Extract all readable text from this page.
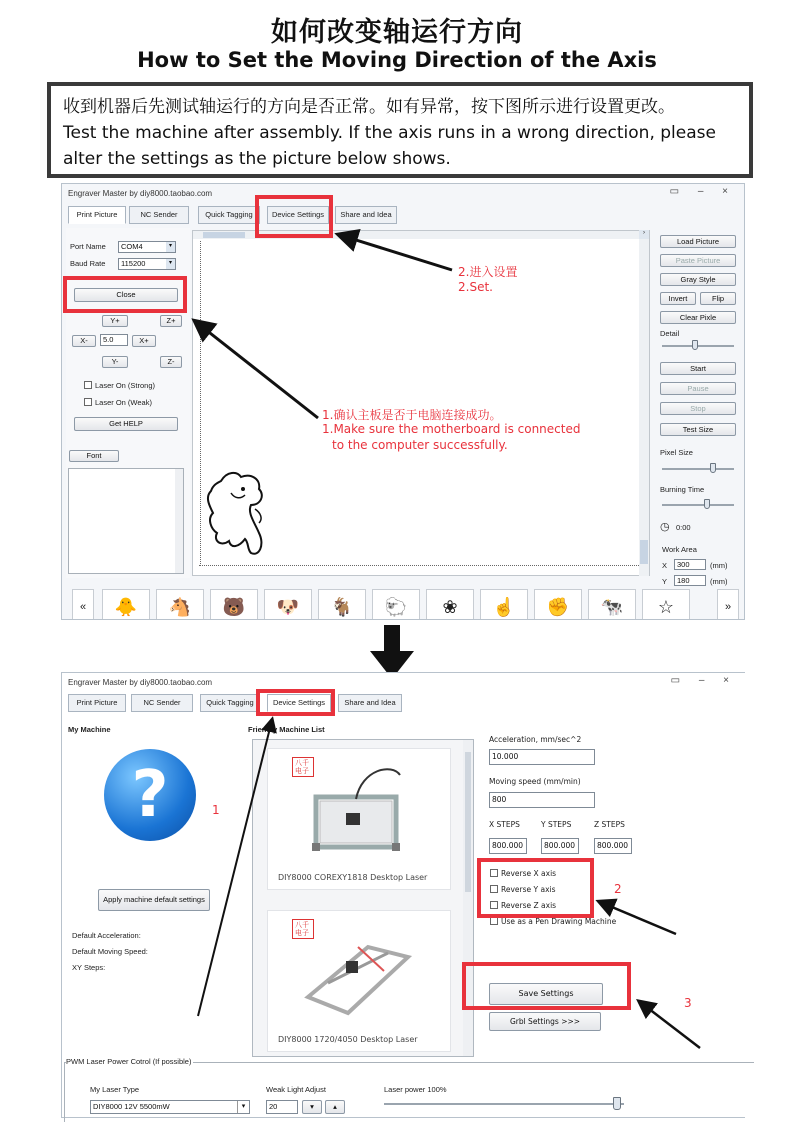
如何改变轴运行方向
How to Set the Moving Direction of the Axis
收到机器后先测试轴运行的方向是否正常。如有异常，按下图所示进行设置更改。
Test the machine after assembly. If the axis runs in a wrong direction, please alter the settings as the picture below shows.
Engraver Master by diy8000.taobao.com	▭ – ×
Print Picture	NC Sender	Quick Tagging	Device Settings	Share and Idea
Port Name	COM4	▾
Baud Rate	115200	▾
Close
Y+	Z+
X-	5.0	X+
Y-	Z-
Laser On (Strong)
Laser On (Weak)
Get HELP
Font
›
Load Picture
Paste Picture
Gray Style
Invert	Flip
Clear Pixle
Detail
Start
Pause
Stop
Test Size
Pixel Size
Burning Time
◷ 0:00
Work Area
X	300	(mm)
Y	180	(mm)
«	🐥	🐴	🐻	🐶	🐐	🐑	❀	☝	✊	🐄	☆	»
2.进入设置
2.Set.
1.确认主板是否于电脑连接成功。
1.Make sure the motherboard is connected
to the computer successfully.
Engraver Master by diy8000.taobao.com	▭ – ×
Print Picture	NC Sender	Quick Tagging	Device Settings	Share and Idea
My Machine	Friendly Machine List
?
Apply machine default settings
Default Acceleration:
Default Moving Speed:
XY Steps:
八千 电子
DIY8000 COREXY1818 Desktop Laser
八千 电子
DIY8000 1720/4050 Desktop Laser
Acceleration, mm/sec^2
10.000
Moving speed (mm/min)
800
X STEPS	Y STEPS	Z STEPS
800.000	800.000	800.000
Reverse X axis
Reverse Y axis
Reverse Z axis
Use as a Pen Drawing Machine
Save Settings
Grbl Settings >>>
PWM Laser Power Cotrol (If possible)
My Laser Type
DIY8000 12V 5500mW	▾
Weak Light Adjust
20	▾	▴
Laser power 100%
1
2
3
